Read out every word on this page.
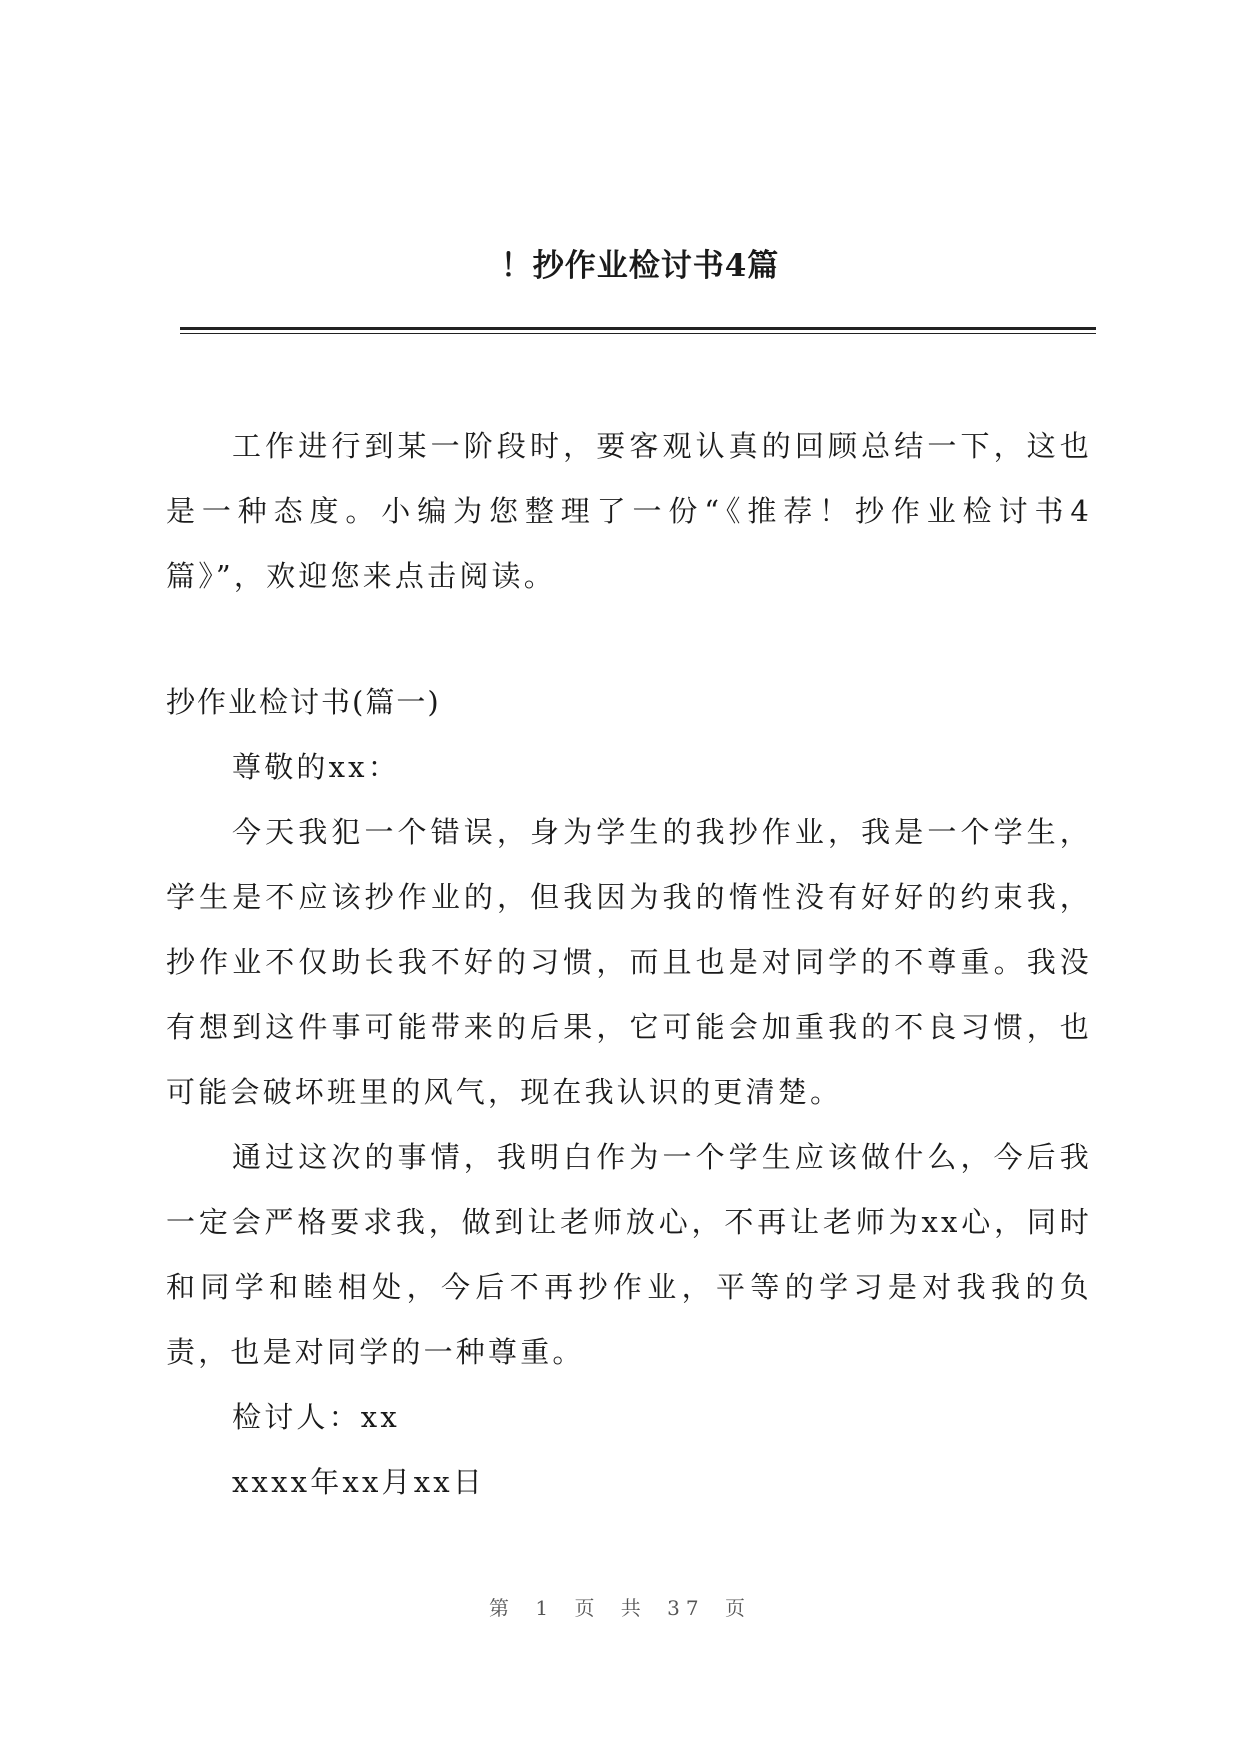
！抄作业检讨书4篇

工作进行到某一阶段时，要客观认真的回顾总结一下，这也是一种态度。小编为您整理了一份“《推荐！抄作业检讨书4篇》”，欢迎您来点击阅读。

抄作业检讨书(篇一)

尊敬的xx：

今天我犯一个错误，身为学生的我抄作业，我是一个学生，学生是不应该抄作业的，但我因为我的惰性没有好好的约束我，抄作业不仅助长我不好的习惯，而且也是对同学的不尊重。我没有想到这件事可能带来的后果，它可能会加重我的不良习惯，也可能会破坏班里的风气，现在我认识的更清楚。

通过这次的事情，我明白作为一个学生应该做什么，今后我一定会严格要求我，做到让老师放心，不再让老师为xx心，同时和同学和睦相处，今后不再抄作业，平等的学习是对我我的负责，也是对同学的一种尊重。

检讨人：xx

xxxx年xx月xx日

第 1 页 共 37 页
